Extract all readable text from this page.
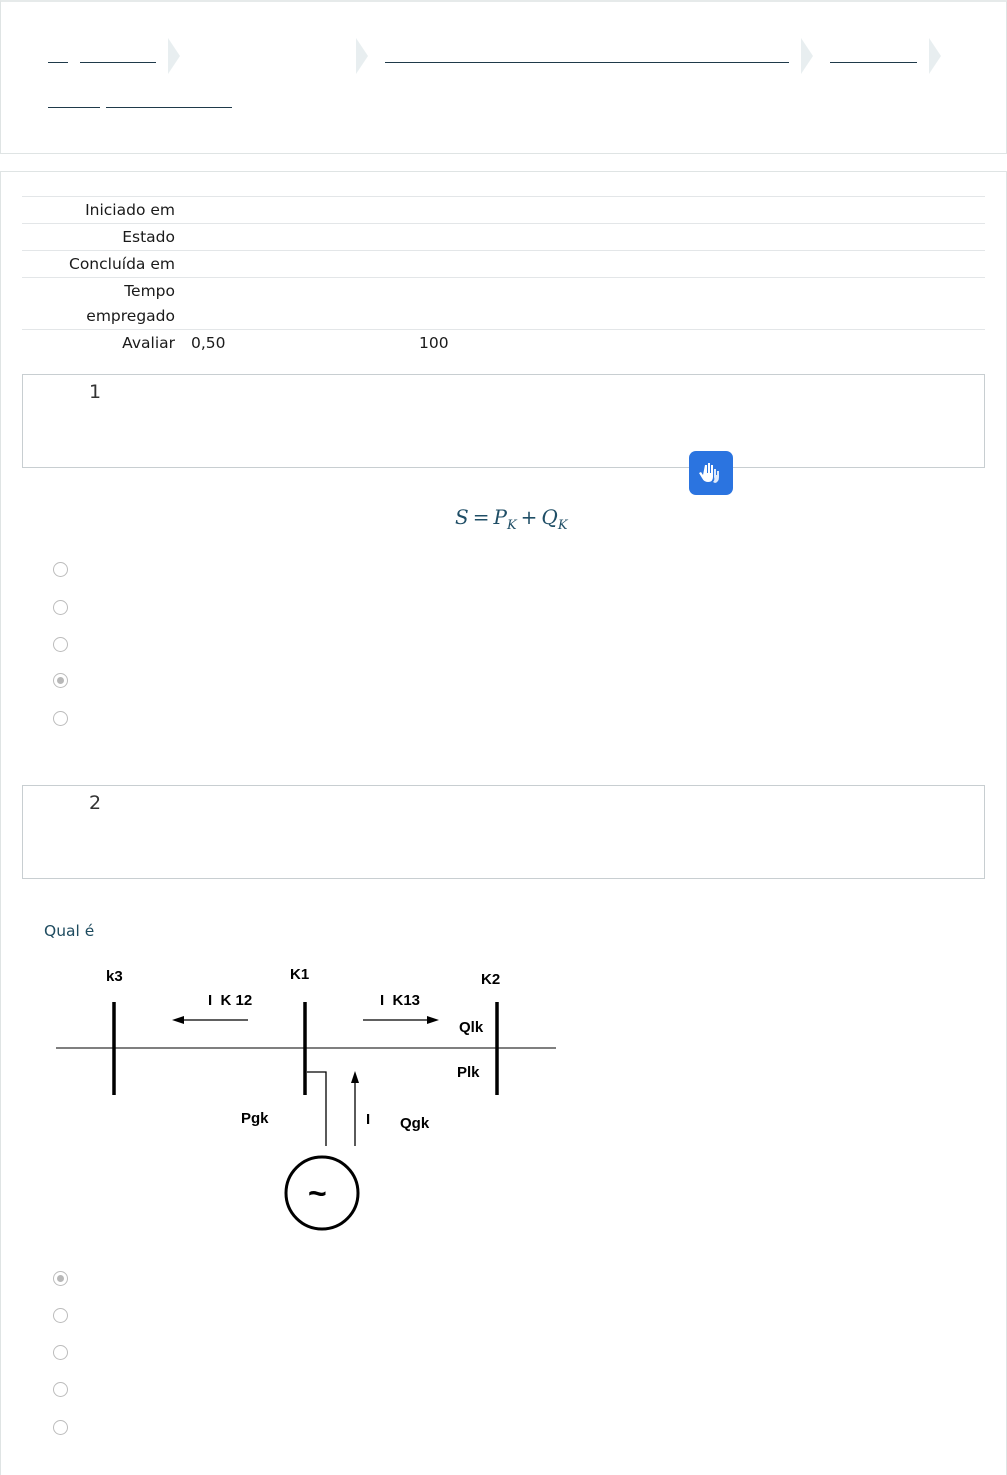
Iniciado em
Estado
Concluída em
Tempo empregado
Avaliar 0,50	100
1
$S = P_K + Q_K$
2
Qual é
k3	K1	K2
I  K 12	I  K13
Qlk
Plk
Pgk	I Qgk
~
